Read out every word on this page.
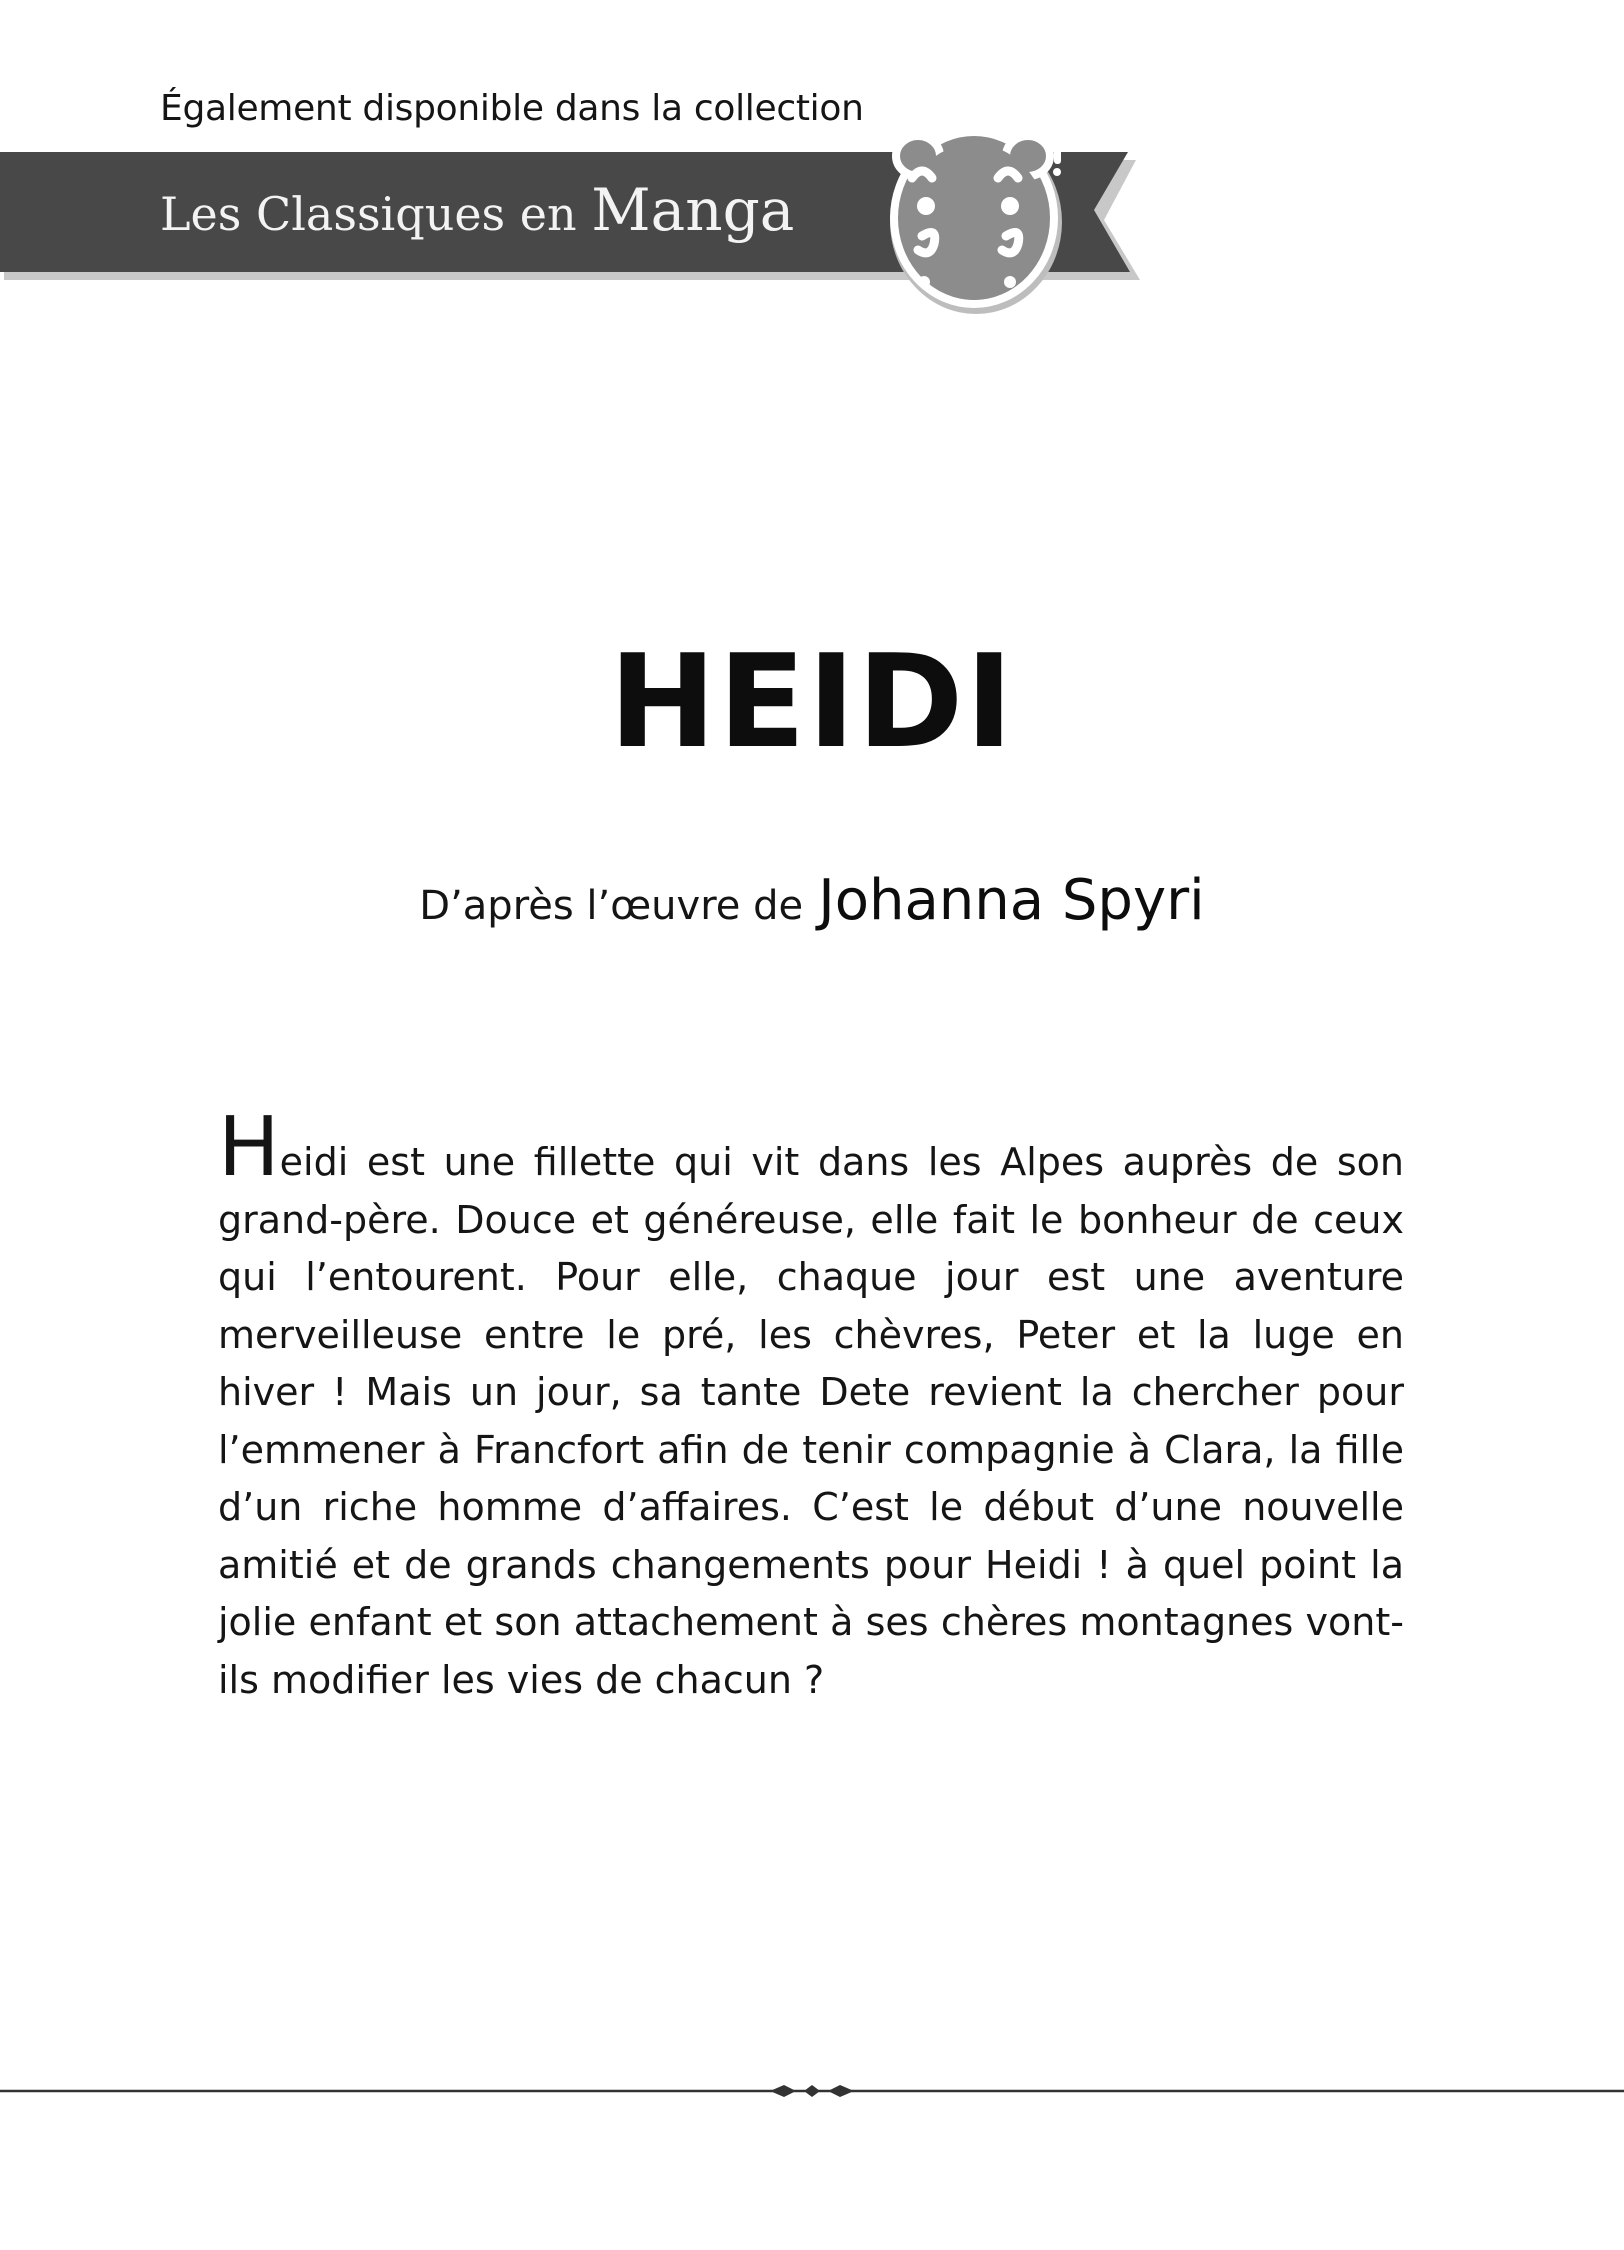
Également disponible dans la collection
Les Classiques en Manga
HEIDI
D’après l’œuvre de Johanna Spyri
Heidi est une fillette qui vit dans les Alpes auprès de son grand-père. Douce et généreuse, elle fait le bonheur de ceux qui l’entourent. Pour elle, chaque jour est une aventure merveilleuse entre le pré, les chèvres, Peter et la luge en hiver ! Mais un jour, sa tante Dete revient la chercher pour l’emmener à Francfort afin de tenir compagnie à Clara, la fille d’un riche homme d’affaires. C’est le début d’une nouvelle amitié et de grands changements pour Heidi ! à quel point la jolie enfant et son attachement à ses chères montagnes vont-ils modifier les vies de chacun ?
